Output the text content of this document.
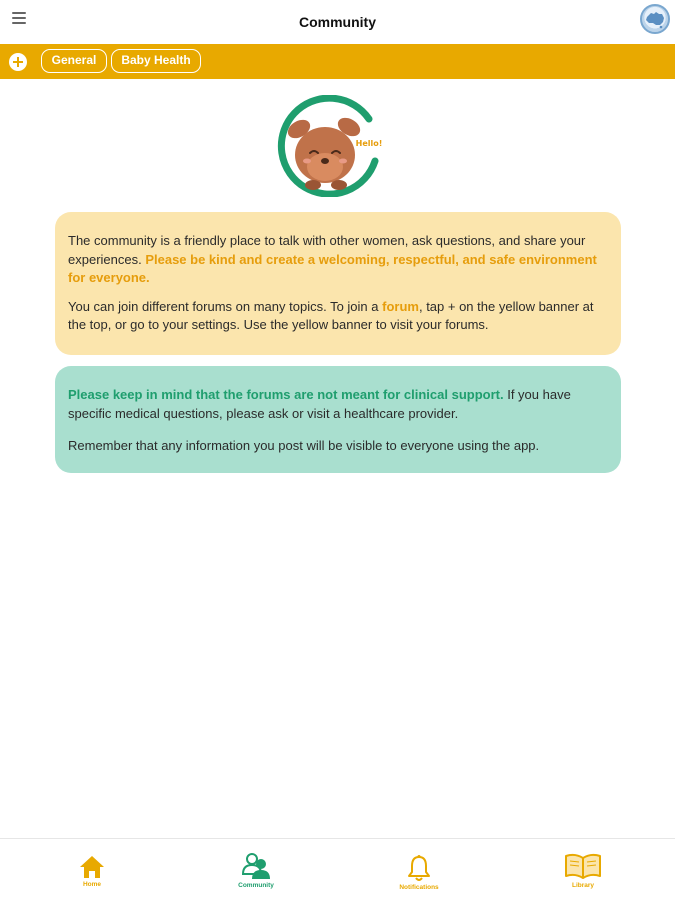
Community
General	Baby Health
Hello!

The community is a friendly place to talk with other women, ask questions, and share your experiences. Please be kind and create a welcoming, respectful, and safe environment for everyone.

You can join different forums on many topics. To join a forum, tap + on the yellow banner at the top, or go to your settings. Use the yellow banner to visit your forums.

Please keep in mind that the forums are not meant for clinical support. If you have specific medical questions, please ask or visit a healthcare provider.

Remember that any information you post will be visible to everyone using the app.

Home	Community	Notifications	Library
